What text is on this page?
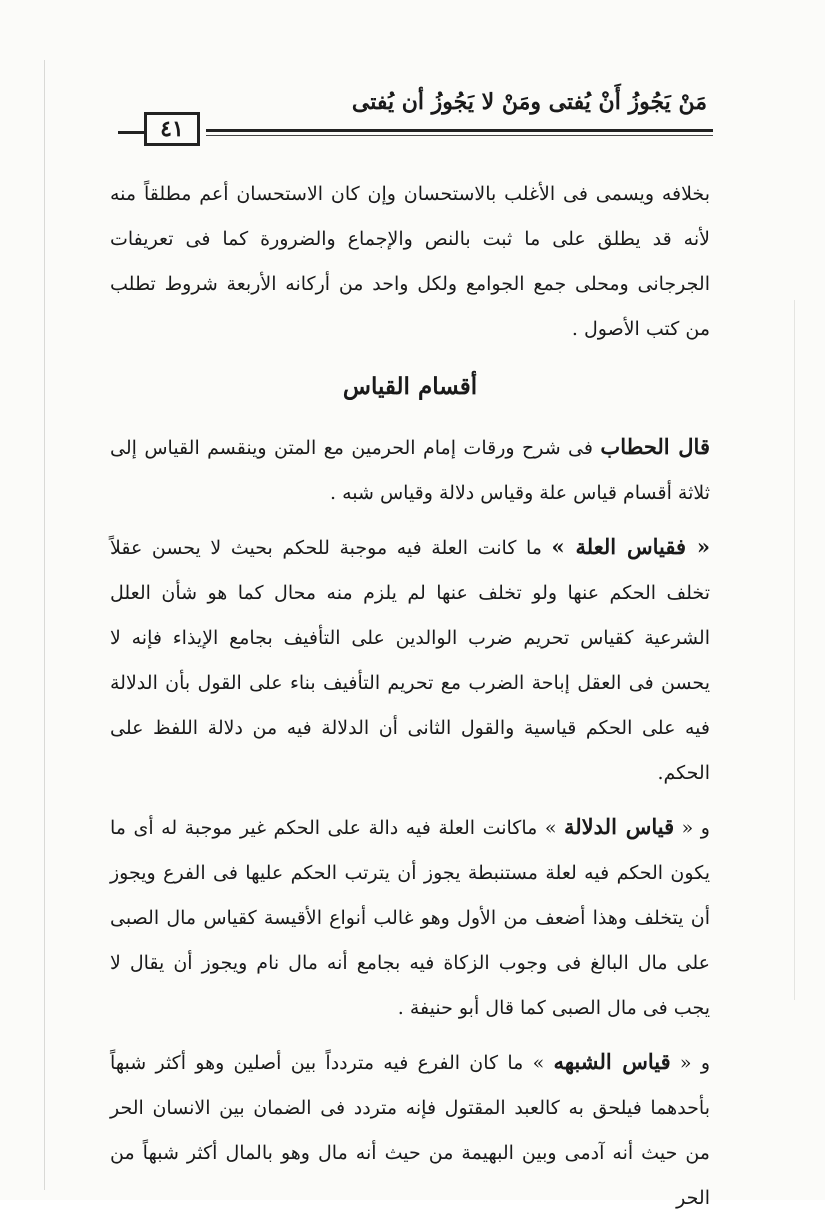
مَنْ يَجُوزُ أَنْ يُفتى ومَنْ لا يَجُوزُ أن يُفتى
٤١

بخلافه ويسمى فى الأغلب بالاستحسان وإن كان الاستحسان أعم مطلقاً منه لأنه قد يطلق على ما ثبت بالنص والإجماع والضرورة كما فى تعريفات الجرجانى ومحلى جمع الجوامع ولكل واحد من أركانه الأربعة شروط تطلب من كتب الأصول .

أقسام القياس

قال الحطاب فى شرح ورقات إمام الحرمين مع المتن وينقسم القياس إلى ثلاثة أقسام قياس علة وقياس دلالة وقياس شبه .

« فقياس العلة » ما كانت العلة فيه موجبة للحكم بحيث لا يحسن عقلاً تخلف الحكم عنها ولو تخلف عنها لم يلزم منه محال كما هو شأن العلل الشرعية كقياس تحريم ضرب الوالدين على التأفيف بجامع الإيذاء فإنه لا يحسن فى العقل إباحة الضرب مع تحريم التأفيف بناء على القول بأن الدلالة فيه على الحكم قياسية والقول الثانى أن الدلالة فيه من دلالة اللفظ على الحكم.

و « قياس الدلالة » ماكانت العلة فيه دالة على الحكم غير موجبة له أى ما يكون الحكم فيه لعلة مستنبطة يجوز أن يترتب الحكم عليها فى الفرع ويجوز أن يتخلف وهذا أضعف من الأول وهو غالب أنواع الأقيسة كقياس مال الصبى على مال البالغ فى وجوب الزكاة فيه بجامع أنه مال نام ويجوز أن يقال لا يجب فى مال الصبى كما قال أبو حنيفة .

و « قياس الشبهه » ما كان الفرع فيه متردداً بين أصلين وهو أكثر شبهاً بأحدهما فيلحق به كالعبد المقتول فإنه متردد فى الضمان بين الانسان الحر من حيث أنه آدمى وبين البهيمة من حيث أنه مال وهو بالمال أكثر شبهاً من الحر
